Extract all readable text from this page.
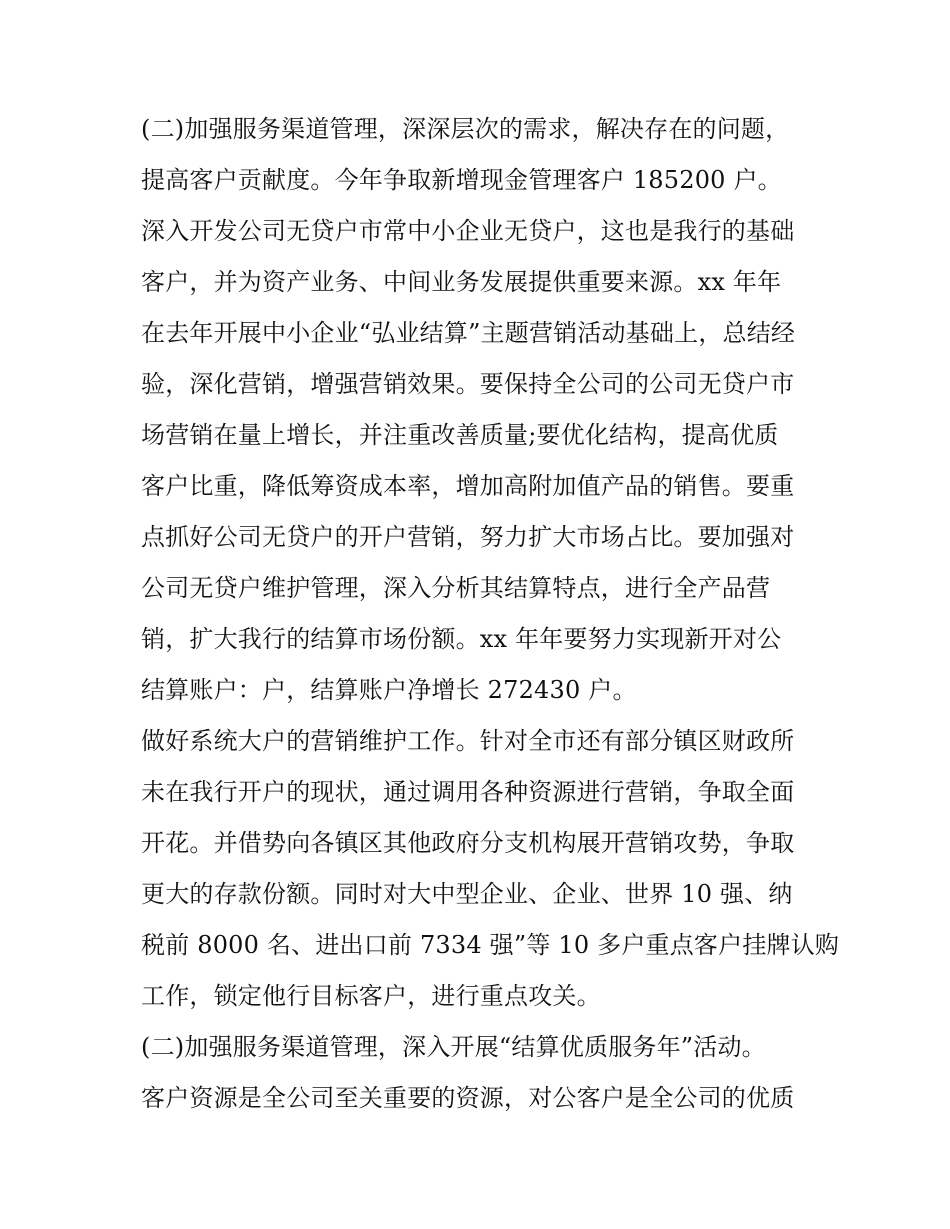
(二)加强服务渠道管理，深深层次的需求，解决存在的问题，
提高客户贡献度。今年争取新增现金管理客户 185200 户。
深入开发公司无贷户市常中小企业无贷户，这也是我行的基础
客户，并为资产业务、中间业务发展提供重要来源。xx 年年
在去年开展中小企业“弘业结算”主题营销活动基础上，总结经
验，深化营销，增强营销效果。要保持全公司的公司无贷户市
场营销在量上增长，并注重改善质量;要优化结构，提高优质
客户比重，降低筹资成本率，增加高附加值产品的销售。要重
点抓好公司无贷户的开户营销，努力扩大市场占比。要加强对
公司无贷户维护管理，深入分析其结算特点，进行全产品营
销，扩大我行的结算市场份额。xx 年年要努力实现新开对公
结算账户：户，结算账户净增长 272430 户。
做好系统大户的营销维护工作。针对全市还有部分镇区财政所
未在我行开户的现状，通过调用各种资源进行营销，争取全面
开花。并借势向各镇区其他政府分支机构展开营销攻势，争取
更大的存款份额。同时对大中型企业、企业、世界 10 强、纳
税前 8000 名、进出口前 7334 强”等 10 多户重点客户挂牌认购
工作，锁定他行目标客户，进行重点攻关。
(二)加强服务渠道管理，深入开展“结算优质服务年”活动。
客户资源是全公司至关重要的资源，对公客户是全公司的优质
